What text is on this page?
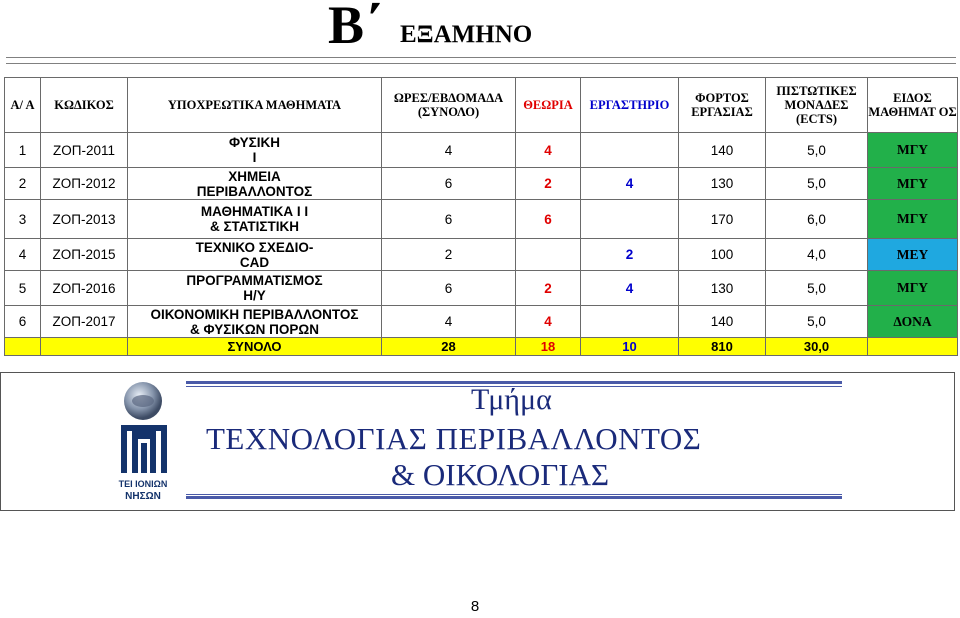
Β΄ ΕΞΑΜΗΝΟ
Α/ Α	ΚΩΔΙΚΟΣ	ΥΠΟΧΡΕΩΤΙΚΑ ΜΑΘΗΜΑΤΑ	ΩΡΕΣ/ΕΒΔΟΜΑΔΑ (ΣΥΝΟΛΟ)	ΘΕΩΡΙΑ	ΕΡΓΑΣΤΗΡΙΟ	ΦΟΡΤΟΣ ΕΡΓΑΣΙΑΣ	ΠΙΣΤΩΤΙΚΕΣ ΜΟΝΑΔΕΣ (ECTS)	ΕΙΔΟΣ ΜΑΘΗΜΑΤ ΟΣ
1	ΖΟΠ-2011	ΦΥΣΙΚΗ
Ι	4	4		140	5,0	ΜΓΥ
2	ΖΟΠ-2012	ΧΗΜΕΙΑ
ΠΕΡΙΒΑΛΛΟΝΤΟΣ	6	2	4	130	5,0	ΜΓΥ
3	ΖΟΠ-2013	ΜΑΘΗΜΑΤΙΚΑ Ι Ι
& ΣΤΑΤΙΣΤΙΚΗ	6	6		170	6,0	ΜΓΥ
4	ΖΟΠ-2015	ΤΕΧΝΙΚΟ ΣΧΕΔΙΟ-
CAD	2		2	100	4,0	ΜΕΥ
5	ΖΟΠ-2016	ΠΡΟΓΡΑΜΜΑΤΙΣΜΟΣ
Η/Υ	6	2	4	130	5,0	ΜΓΥ
6	ΖΟΠ-2017	ΟΙΚΟΝΟΜΙΚΗ ΠΕΡΙΒΑΛΛΟΝΤΟΣ
& ΦΥΣΙΚΩΝ ΠΟΡΩΝ	4	4		140	5,0	ΔΟΝΑ
		ΣΥΝΟΛΟ	28	18	10	810	30,0	
ΤΕΙ ΙΟΝΙΩΝ
ΝΗΣΩΝ
Τμήμα
ΤΕΧΝΟΛΟΓΙΑΣ ΠΕΡΙΒΑΛΛΟΝΤΟΣ
& ΟΙΚΟΛΟΓΙΑΣ
8
